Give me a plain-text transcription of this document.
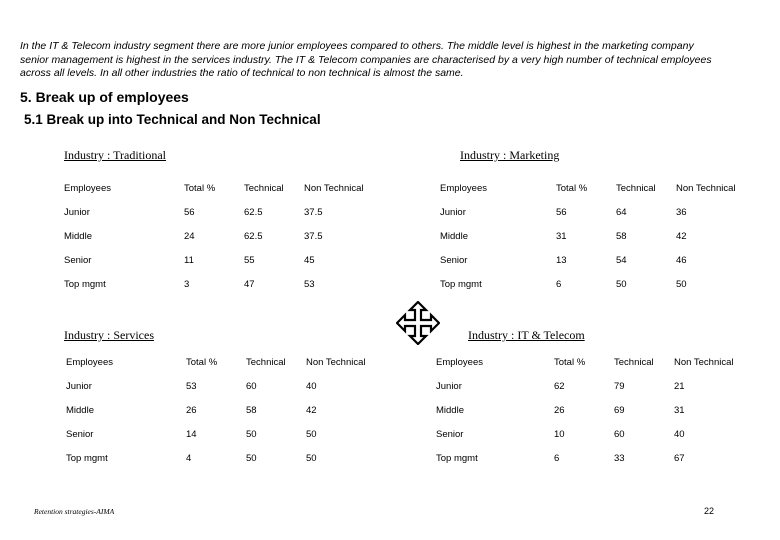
In the IT & Telecom industry segment there are more junior employees compared to others. The middle level is highest in the marketing company senior management is highest in the services industry. The IT & Telecom companies are characterised by a very high number of technical employees across all levels. In all other industries the ratio of technical to non technical is almost the same.
5. Break up of employees
5.1 Break up into Technical and Non Technical
Industry : Traditional	Industry : Marketing
Industry : Services	Industry : IT & Telecom
Employees	Total %	Technical Non Technical
Junior	56	62.5	37.5
Middle	24	62.5	37.5
Senior	11	55	45
Top mgmt	3	47	53
Employees	Total %	Technical Non Technical
Junior	56	64	36
Middle	31	58	42
Senior	13	54	46
Top mgmt	6	50	50
Employees	Total %	Technical Non Technical
Junior	53	60	40
Middle	26	58	42
Senior	14	50	50
Top mgmt	4	50	50
Employees	Total %	Technical Non Technical
Junior	62	79	21
Middle	26	69	31
Senior	10	60	40
Top mgmt	6	33	67
Retention strategies-AIMA	22
